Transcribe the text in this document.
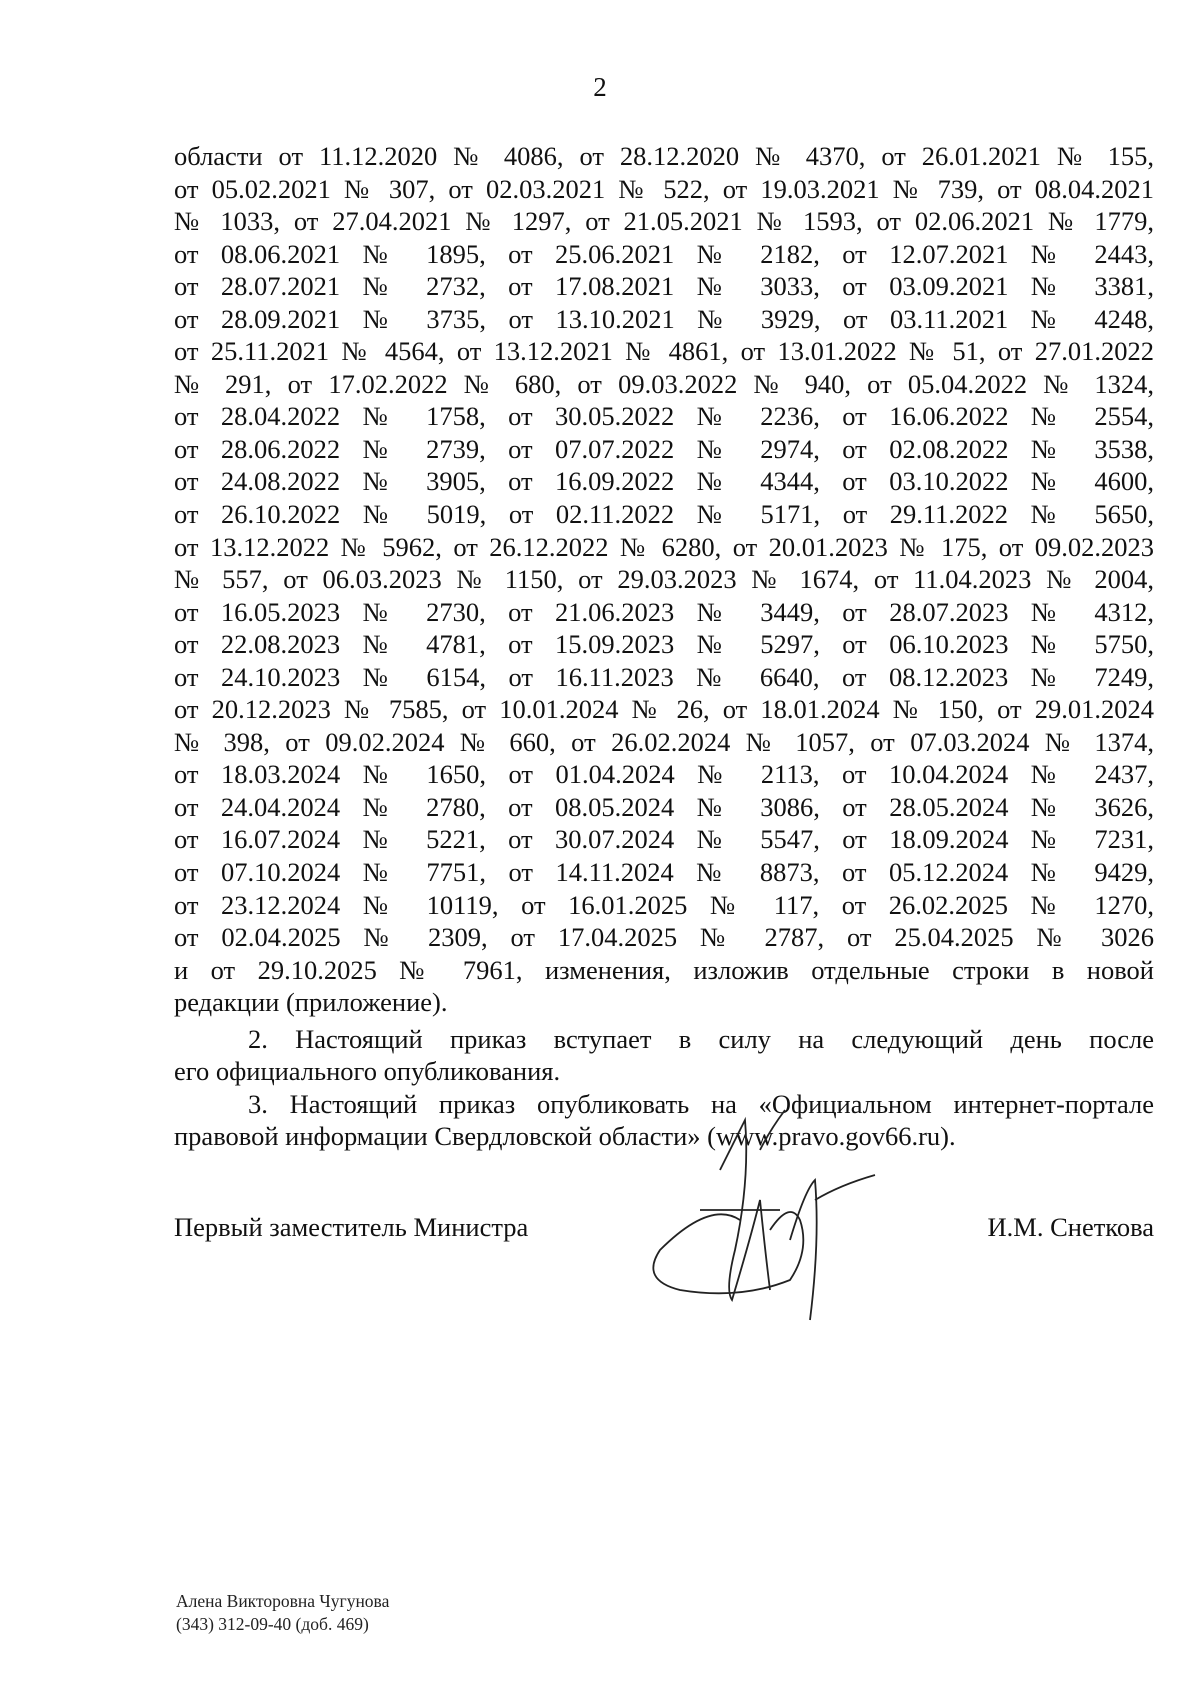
2
области от 11.12.2020 № 4086, от 28.12.2020 № 4370, от 26.01.2021 № 155,
от 05.02.2021 № 307, от 02.03.2021 № 522, от 19.03.2021 № 739, от 08.04.2021
№ 1033, от 27.04.2021 № 1297, от 21.05.2021 № 1593, от 02.06.2021 № 1779,
от 08.06.2021 № 1895, от 25.06.2021 № 2182, от 12.07.2021 № 2443,
от 28.07.2021 № 2732, от 17.08.2021 № 3033, от 03.09.2021 № 3381,
от 28.09.2021 № 3735, от 13.10.2021 № 3929, от 03.11.2021 № 4248,
от 25.11.2021 № 4564, от 13.12.2021 № 4861, от 13.01.2022 № 51, от 27.01.2022
№ 291, от 17.02.2022 № 680, от 09.03.2022 № 940, от 05.04.2022 № 1324,
от 28.04.2022 № 1758, от 30.05.2022 № 2236, от 16.06.2022 № 2554,
от 28.06.2022 № 2739, от 07.07.2022 № 2974, от 02.08.2022 № 3538,
от 24.08.2022 № 3905, от 16.09.2022 № 4344, от 03.10.2022 № 4600,
от 26.10.2022 № 5019, от 02.11.2022 № 5171, от 29.11.2022 № 5650,
от 13.12.2022 № 5962, от 26.12.2022 № 6280, от 20.01.2023 № 175, от 09.02.2023
№ 557, от 06.03.2023 № 1150, от 29.03.2023 № 1674, от 11.04.2023 № 2004,
от 16.05.2023 № 2730, от 21.06.2023 № 3449, от 28.07.2023 № 4312,
от 22.08.2023 № 4781, от 15.09.2023 № 5297, от 06.10.2023 № 5750,
от 24.10.2023 № 6154, от 16.11.2023 № 6640, от 08.12.2023 № 7249,
от 20.12.2023 № 7585, от 10.01.2024 № 26, от 18.01.2024 № 150, от 29.01.2024
№ 398, от 09.02.2024 № 660, от 26.02.2024 № 1057, от 07.03.2024 № 1374,
от 18.03.2024 № 1650, от 01.04.2024 № 2113, от 10.04.2024 № 2437,
от 24.04.2024 № 2780, от 08.05.2024 № 3086, от 28.05.2024 № 3626,
от 16.07.2024 № 5221, от 30.07.2024 № 5547, от 18.09.2024 № 7231,
от 07.10.2024 № 7751, от 14.11.2024 № 8873, от 05.12.2024 № 9429,
от 23.12.2024 № 10119, от 16.01.2025 № 117, от 26.02.2025 № 1270,
от 02.04.2025 № 2309, от 17.04.2025 № 2787, от 25.04.2025 № 3026
и от 29.10.2025 № 7961, изменения, изложив отдельные строки в новой
редакции (приложение).
2. Настоящий приказ вступает в силу на следующий день после
его официального опубликования.
3. Настоящий приказ опубликовать на «Официальном интернет-портале
правовой информации Свердловской области» (www.pravo.gov66.ru).
Первый заместитель Министра	И.М. Снеткова
Алена Викторовна Чугунова
(343) 312-09-40 (доб. 469)
